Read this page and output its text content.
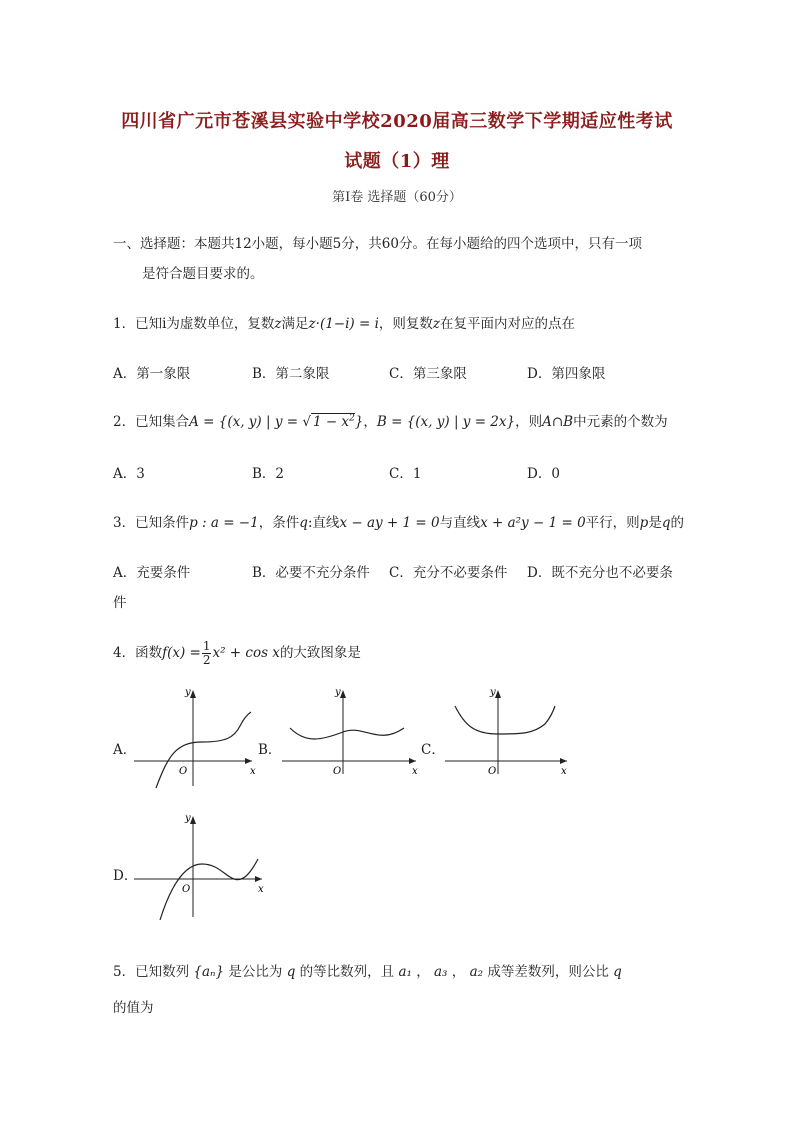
四川省广元市苍溪县实验中学校2020届高三数学下学期适应性考试
试题（1）理
第Ⅰ卷 选择题（60分）
一、选择题：本题共12小题，每小题5分，共60分。在每小题给的四个选项中，只有一项
是符合题目要求的。
1．已知i为虚数单位，复数z满足z·(1−i) = i，则复数z在复平面内对应的点在
A．第一象限	B．第二象限	C．第三象限	D．第四象限
2．已知集合A = {(x, y) | y = √ $1 - x^2$}，B = {(x, y) | y = 2x}，则A∩B中元素的个数为
A．3	B．2	C．1	D．0
3．已知条件p : a = −1，条件q:直线x − ay + 1 = 0与直线x + a²y − 1 = 0平行，则p是q的
A．充要条件	B．必要不充分条件 C．充分不必要条件 D．既不充分也不必要条
件
4．函数$f(x) = \frac{1}{2} x^2 + \cos x$的大致图象是
A．	B．	C．
D．
y
x
O
y
x
O
y
x
O
y
x
O
5．已知数列 {aₙ} 是公比为 q 的等比数列，且 a₁ ， a₃ ， a₂ 成等差数列，则公比 q
的值为
